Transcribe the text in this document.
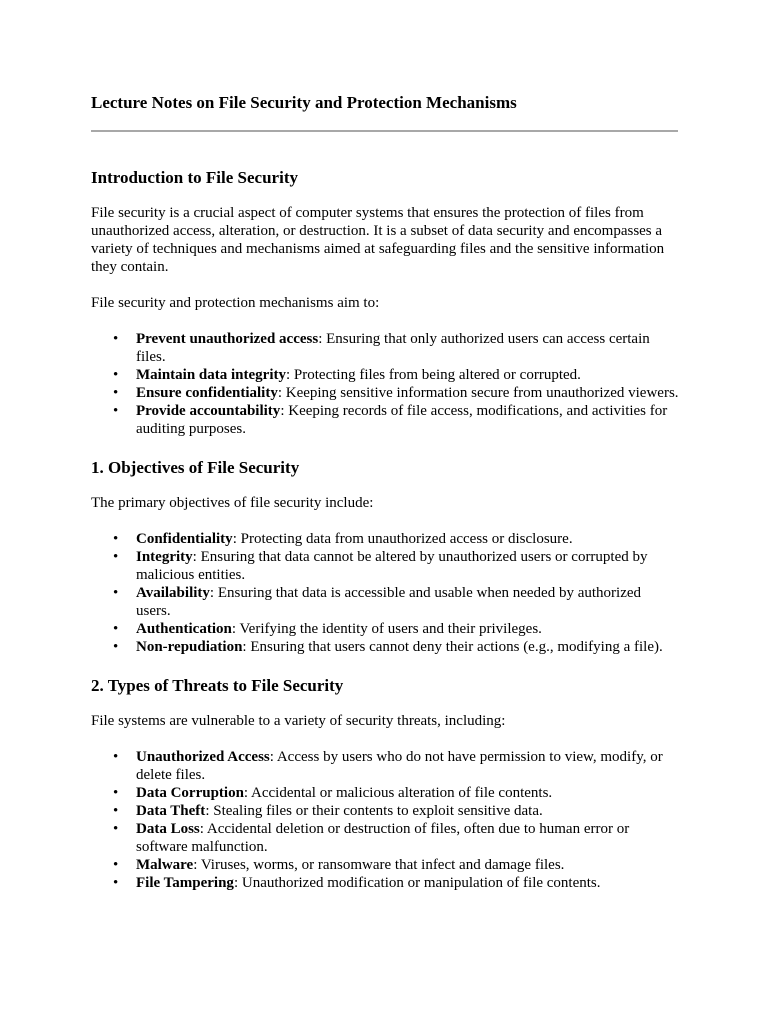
Lecture Notes on File Security and Protection Mechanisms
Introduction to File Security

File security is a crucial aspect of computer systems that ensures the protection of files from unauthorized access, alteration, or destruction. It is a subset of data security and encompasses a variety of techniques and mechanisms aimed at safeguarding files and the sensitive information they contain.

File security and protection mechanisms aim to:

• Prevent unauthorized access: Ensuring that only authorized users can access certain files.
• Maintain data integrity: Protecting files from being altered or corrupted.
• Ensure confidentiality: Keeping sensitive information secure from unauthorized viewers.
• Provide accountability: Keeping records of file access, modifications, and activities for auditing purposes.
1. Objectives of File Security

The primary objectives of file security include:

• Confidentiality: Protecting data from unauthorized access or disclosure.
• Integrity: Ensuring that data cannot be altered by unauthorized users or corrupted by malicious entities.
• Availability: Ensuring that data is accessible and usable when needed by authorized users.
• Authentication: Verifying the identity of users and their privileges.
• Non-repudiation: Ensuring that users cannot deny their actions (e.g., modifying a file).
2. Types of Threats to File Security

File systems are vulnerable to a variety of security threats, including:

• Unauthorized Access: Access by users who do not have permission to view, modify, or delete files.
• Data Corruption: Accidental or malicious alteration of file contents.
• Data Theft: Stealing files or their contents to exploit sensitive data.
• Data Loss: Accidental deletion or destruction of files, often due to human error or software malfunction.
• Malware: Viruses, worms, or ransomware that infect and damage files.
• File Tampering: Unauthorized modification or manipulation of file contents.
